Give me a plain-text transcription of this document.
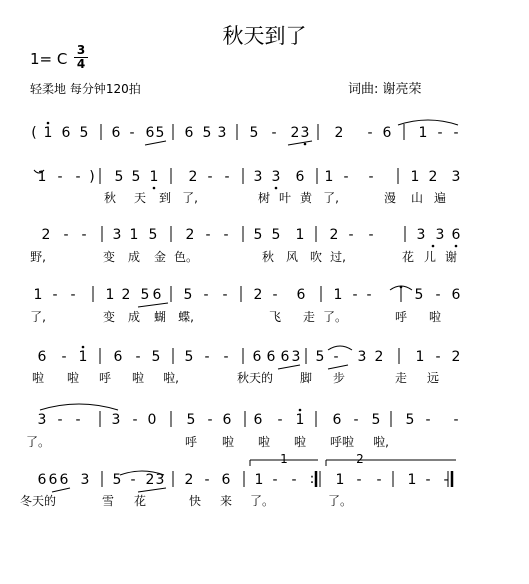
秋天到了
1= C 3
4
轻柔地 每分钟120拍	词曲: 谢亮荣
( 1 6 5 6 - 6 5 6 5 3 5 - 2 3 2 - 6 1 - -
1 - - ) 5 5 1 2 - - 3 3 6 1 - -	1 2 3
秋 天 到 了,	树 叶 黄 了,	漫 山 遍
2 - - 3 1 5 2 - - 5 5 1 2 - -	3 3 6
野,	变 成 金 色。	秋 风 吹 过,	花 儿 谢
1 - - 1 2 5 6 5 - - 2 - 6 1 - -	5 - 6
了,	变 成 蝴 蝶,	飞 走 了。	呼 啦
6 - 1 6 - 5 5 - - 6 6 6 3 5 - 3 2 1 - 2
啦 啦 呼 啦 啦,	秋天的 脚 步	走 远
3 - - 3 - 0 5 - 6 6 - 1 6 - 5 5 - -
了。	呼 啦 啦 啦 呼啦 啦,
6 6 6 3 5 - 2 3 2 - 6 1 - - : 1 - - 1 - -
冬天的	雪 花	快 来 了。	了。
1	2
